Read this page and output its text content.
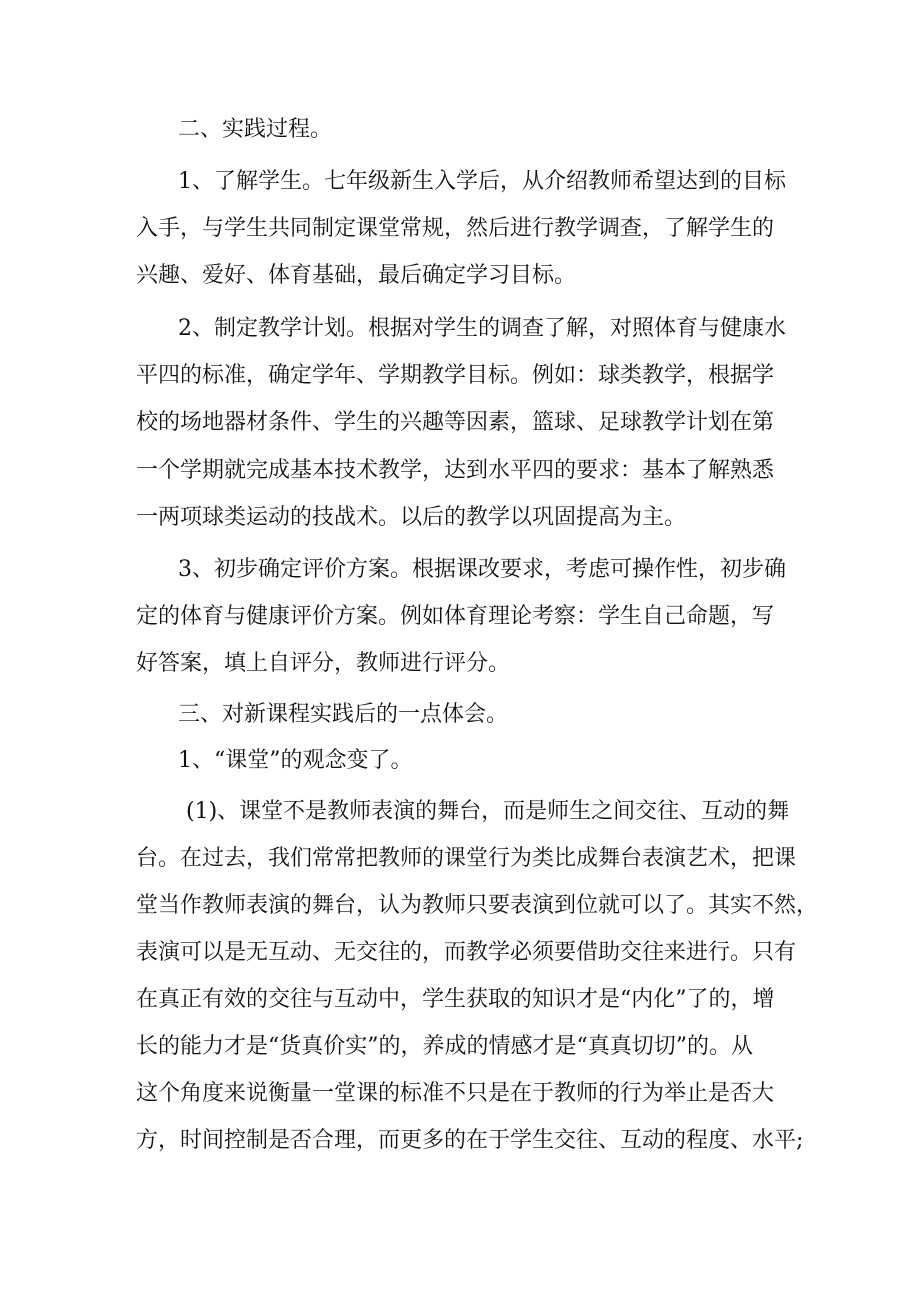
二、实践过程。

1、了解学生。七年级新生入学后，从介绍教师希望达到的目标

入手，与学生共同制定课堂常规，然后进行教学调查，了解学生的

兴趣、爱好、体育基础，最后确定学习目标。

2、制定教学计划。根据对学生的调查了解，对照体育与健康水

平四的标准，确定学年、学期教学目标。例如：球类教学，根据学

校的场地器材条件、学生的兴趣等因素，篮球、足球教学计划在第

一个学期就完成基本技术教学，达到水平四的要求：基本了解熟悉

一两项球类运动的技战术。以后的教学以巩固提高为主。

3、初步确定评价方案。根据课改要求，考虑可操作性，初步确

定的体育与健康评价方案。例如体育理论考察：学生自己命题，写

好答案，填上自评分，教师进行评分。

三、对新课程实践后的一点体会。

1、“课堂”的观念变了。

(1)、课堂不是教师表演的舞台，而是师生之间交往、互动的舞

台。在过去，我们常常把教师的课堂行为类比成舞台表演艺术，把课

堂当作教师表演的舞台，认为教师只要表演到位就可以了。其实不然，

表演可以是无互动、无交往的，而教学必须要借助交往来进行。只有

在真正有效的交往与互动中，学生获取的知识才是“内化”了的，增

长的能力才是“货真价实”的，养成的情感才是“真真切切”的。从

这个角度来说衡量一堂课的标准不只是在于教师的行为举止是否大

方，时间控制是否合理，而更多的在于学生交往、互动的程度、水平;
